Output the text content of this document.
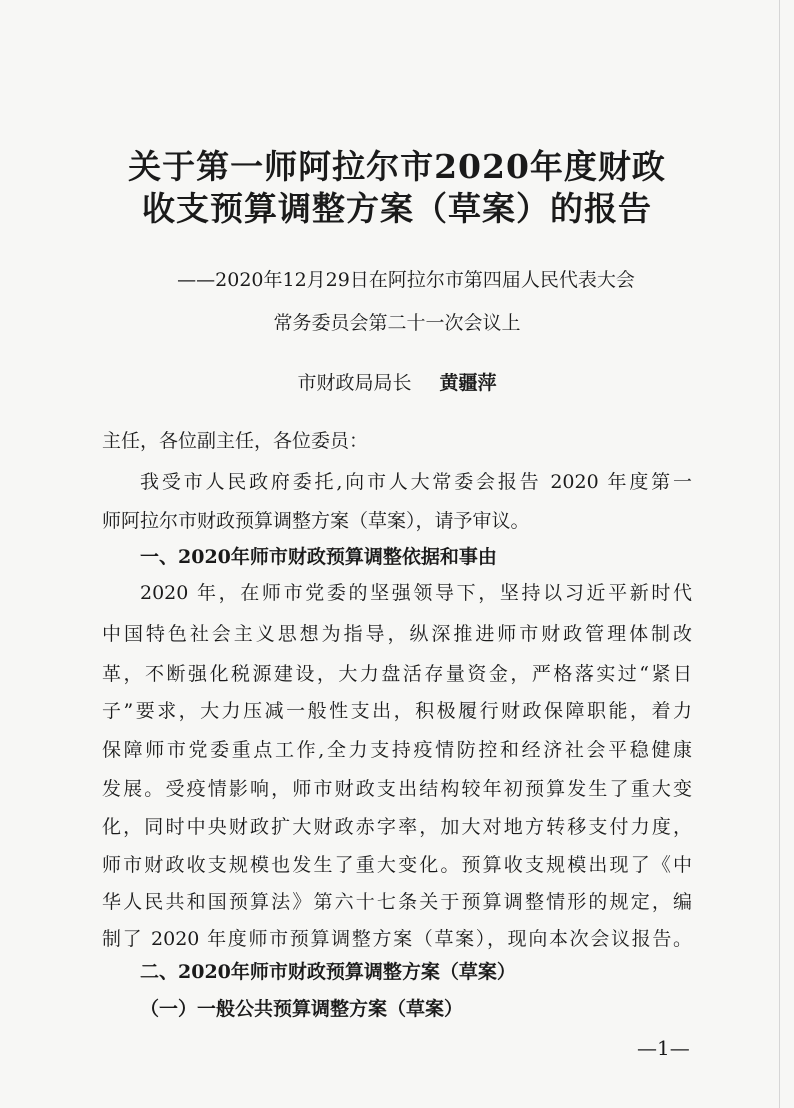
关于第一师阿拉尔市2020年度财政

收支预算调整方案（草案）的报告

——2020年12月29日在阿拉尔市第四届人民代表大会

常务委员会第二十一次会议上

市财政局局长 黄疆萍

主任，各位副主任，各位委员：

我受市人民政府委托,向市人大常委会报告 2020 年度第一

师阿拉尔市财政预算调整方案（草案），请予审议。

一、2020年师市财政预算调整依据和事由

2020 年，在师市党委的坚强领导下，坚持以习近平新时代

中国特色社会主义思想为指导，纵深推进师市财政管理体制改

革，不断强化税源建设，大力盘活存量资金，严格落实过“紧日

子”要求，大力压减一般性支出，积极履行财政保障职能，着力

保障师市党委重点工作,全力支持疫情防控和经济社会平稳健康

发展。受疫情影响，师市财政支出结构较年初预算发生了重大变

化，同时中央财政扩大财政赤字率，加大对地方转移支付力度，

师市财政收支规模也发生了重大变化。预算收支规模出现了《中

华人民共和国预算法》第六十七条关于预算调整情形的规定，编

制了 2020 年度师市预算调整方案（草案），现向本次会议报告。

二、2020年师市财政预算调整方案（草案）

（一）一般公共预算调整方案（草案）

—1—
